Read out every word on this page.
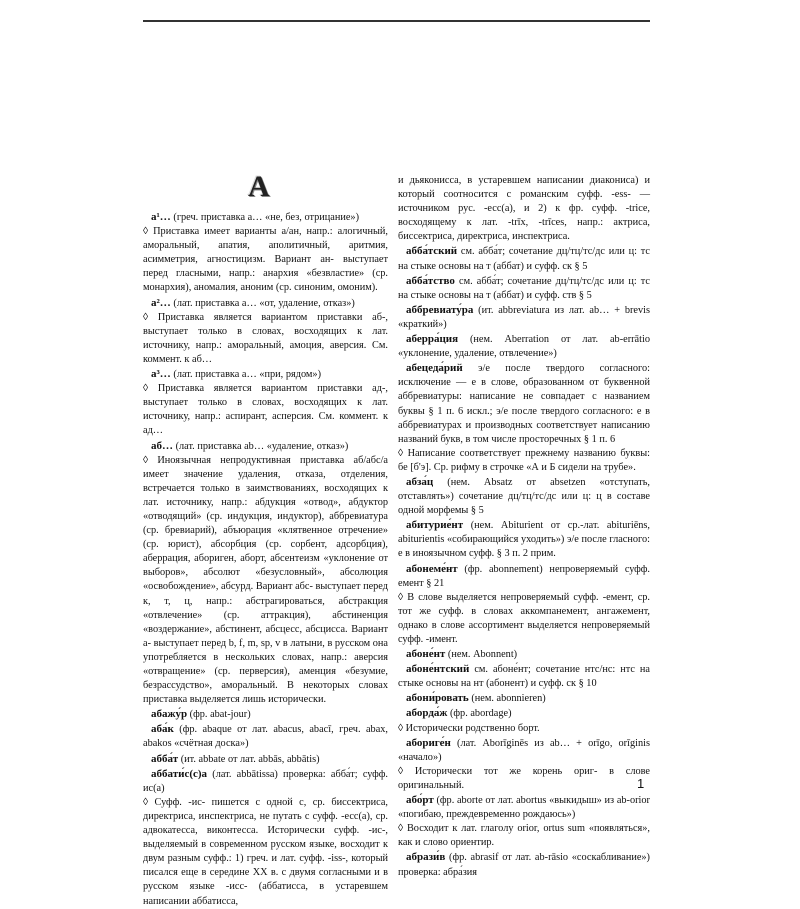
А

а¹… (греч. приставка а… «не, без, отрицание»)

◊ Приставка имеет варианты а/ан, напр.: алогичный, аморальный, апатия, аполитичный, аритмия, асимметрия, агностицизм. Вариант ан- выступает перед гласными, напр.: анархия «безвластие» (ср. монархия), аномалия, аноним (ср. синоним, омоним).

а²… (лат. приставка а… «от, удаление, отказ»)

◊ Приставка является вариантом приставки аб-, выступает только в словах, восходящих к лат. источнику, напр.: аморальный, амоция, аверсия. См. коммент. к аб…

а³… (лат. приставка а… «при, рядом»)

◊ Приставка является вариантом приставки ад-, выступает только в словах, восходящих к лат. источнику, напр.: аспирант, асперсия. См. коммент. к ад…

аб… (лат. приставка ab… «удаление, отказ»)

◊ Иноязычная непродуктивная приставка аб/абс/а имеет значение удаления, отказа, отделения, встречается только в заимствованиях, восходящих к лат. источнику, напр.: абдукция «отвод», абдуктор «отводящий» (ср. индукция, индуктор), аббревиатура (ср. бревиарий), абъюрация «клятвенное отречение» (ср. юрист), абсорбция (ср. сорбент, адсорбция), аберрация, абориген, аборт, абсентеизм «уклонение от выборов», абсолют «безусловный», абсолюция «освобождение», абсурд. Вариант абс- выступает перед к, т, ц, напр.: абстрагироваться, абстракция «отвлечение» (ср. аттракция), абстиненция «воздержание», абстинент, абсцесс, абсцисса. Вариант а- выступает перед b, f, m, sp, v в латыни, в русском она употребляется в нескольких словах, напр.: аверсия «отвращение» (ср. перверсия), аменция «безумие, безрассудство», аморальный. В некоторых словах приставка выделяется лишь исторически.

абажу́р (фр. abat-jour)

аба́к (фр. abaque от лат. abacus, abacī, греч. abax, abakos «счётная доска»)

абба́т (ит. abbate от лат. abbās, abbātis)

аббати́с(с)а (лат. abbātissa) проверка: абба́т; суфф. ис(а)

◊ Суфф. -ис- пишется с одной с, ср. биссектриса, директриса, инспектриса, не путать с суфф. -есс(а), ср. адвокатесса, виконтесса. Исторически суфф. -ис-, выделяемый в современном русском языке, восходит к двум разным суфф.: 1) греч. и лат. суфф. -iss-, который писался еще в середине XX в. с двумя согласными и в русском языке -исс- (аббатисса, в устаревшем написании аббатисса,

и дьяконисса, в устаревшем написании диакониса) и который соотносится с романским суфф. -ess- — источником рус. -есс(а), и 2) к фр. суфф. -trice, восходящему к лат. -trīx, -trīces, напр.: актриса, биссектриса, директриса, инспектриса.

абба́тский см. абба́т; сочетание дц/тц/тс/дс или ц: тс на стыке основы на т (аббат) и суфф. ск § 5

абба́тство см. абба́т; сочетание дц/тц/тс/дс или ц: тс на стыке основы на т (аббат) и суфф. ств § 5

аббревиату́ра (ит. abbreviatura из лат. ab… + brevis «краткий»)

аберра́ция (нем. Aberration от лат. ab-errātio «уклонение, удаление, отвлечение»)

абецеда́рий э/е после твердого согласного: исключение — е в слове, образованном от буквенной аббревиатуры: написание не совпадает с названием буквы § 1 п. 6 искл.; э/е после твердого согласного: е в аббревиатурах и производных соответствует написанию названий букв, в том числе просторечных § 1 п. 6

◊ Написание соответствует прежнему названию буквы: бе [б'э]. Ср. рифму в строчке «А и Б сидели на трубе».

абза́ц (нем. Absatz от absetzen «отступать, отставлять») сочетание дц/тц/тс/дс или ц: ц в составе одной морфемы § 5

абитурие́нт (нем. Abiturient от ср.-лат. abituriēns, abiturientis «собирающийся уходить») э/е после гласного: е в иноязычном суфф. § 3 п. 2 прим.

абонеме́нт (фр. abonnement) непроверяемый суфф. емент § 21

◊ В слове выделяется непроверяемый суфф. -емент, ср. тот же суфф. в словах аккомпанемент, ангажемент, однако в слове ассортимент выделяется непроверяемый суфф. -имент.

абоне́нт (нем. Abonnent)

абоне́нтский см. абоне́нт; сочетание нтс/нс: нтс на стыке основы на нт (абонент) и суфф. ск § 10

абони́ровать (нем. abonnieren)

аборда́ж (фр. abordage)

◊ Исторически родственно борт.

абориге́н (лат. Aborīginēs из ab… + orīgo, orīginis «начало»)

◊ Исторически тот же корень ориг- в слове оригинальный.

або́рт (фр. aborte от лат. abortus «выкидыш» из ab-orior «погибаю, преждевременно рождаюсь»)

◊ Восходит к лат. глаголу orior, ortus sum «появляться», как и слово ориентир.

абрази́в (фр. abrasif от лат. ab-rāsio «соскабливание») проверка: абра́зия

1
